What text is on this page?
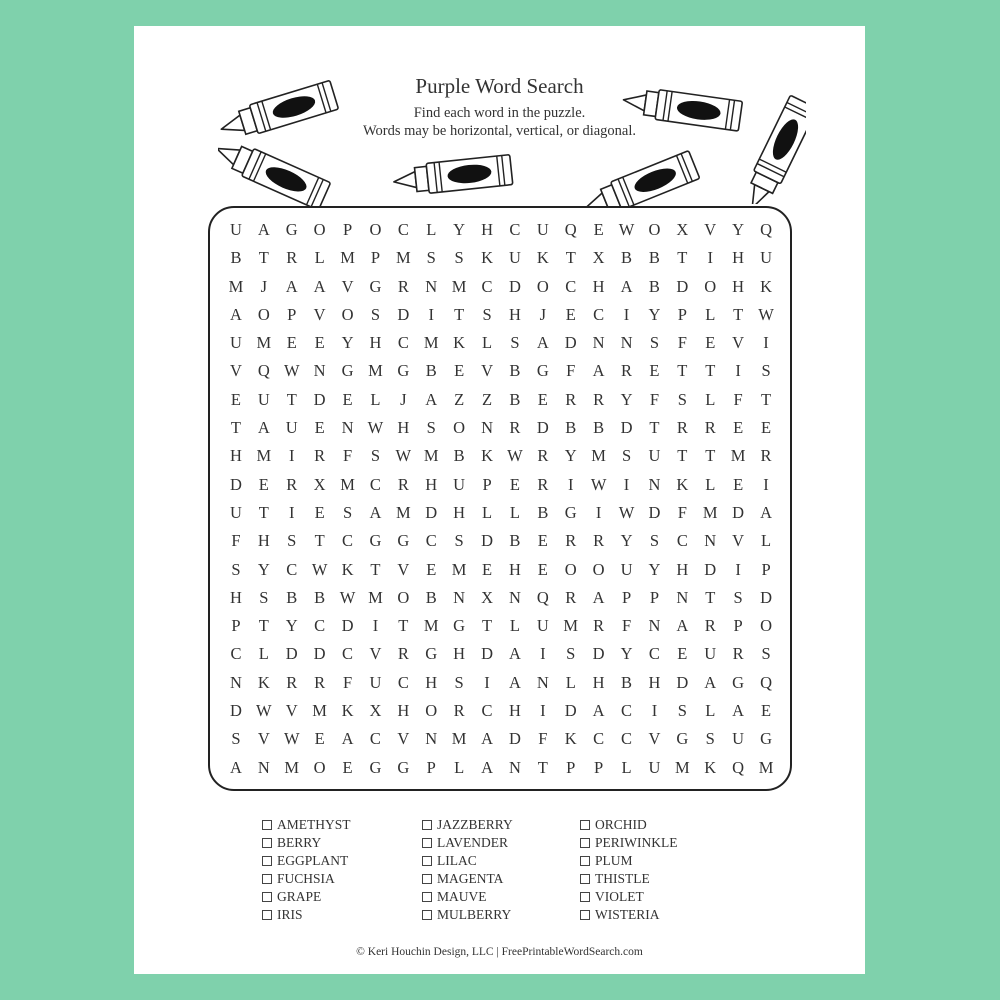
Purple Word Search
Find each word in the puzzle.
Words may be horizontal, vertical, or diagonal.
U A G O	P	O C	L	Y H C U Q	E W O X V Y Q
B	T	R	L M P M S	S	K U K	T	X B	B	T	I	H U
M	J	A A V G R N M C D O C H A B D O H K
A O	P	V O	S	D	I	T	S	H	J	E	C	I	Y	P	L	T W
U M E	E	Y H C M K	L	S	A D N N	S	F	E	V	I
V Q W N G M G B	E	V B G	F	A R	E	T	T	I	S
E	U	T	D	E	L	J	A	Z	Z	B	E	R	R Y	F	S	L	F	T
T	A U	E	N W H	S	O N R D B	B D	T	R	R	E	E
H M	I	R	F	S W M B K W R Y M S	U	T	T M R
D	E	R X M C	R H U	P	E	R	I	W	I	N K	L	E	I
U	T	I	E	S	A M D H	L	L	B G	I	W D	F M D A
F	H	S	T	C G G C	S	D B	E	R	R Y	S	C N V	L
S	Y C W K	T	V	E M E	H	E	O O U Y H D	I	P
H	S	B	B W M O B N X N Q R A	P	P	N	T	S	D
P	T	Y C D	I	T M G	T	L	U M R	F	N A R	P	O
C	L	D D C V R G H D A	I	S	D Y C	E	U R	S
N K R	R	F	U C H	S	I	A N	L	H B H D A G Q
D W V M K X H O R	C H	I	D A C	I	S	L	A	E
S	V W E	A C V N M A D	F	K C	C V G	S	U G
A N M O	E	G G	P	L	A N	T	P	P	L	U M K Q M
AMETHYST
BERRY
EGGPLANT
FUCHSIA
GRAPE
IRIS
JAZZBERRY
LAVENDER
LILAC
MAGENTA
MAUVE
MULBERRY
ORCHID
PERIWINKLE
PLUM
THISTLE
VIOLET
WISTERIA
© Keri Houchin Design, LLC | FreePrintableWordSearch.com
